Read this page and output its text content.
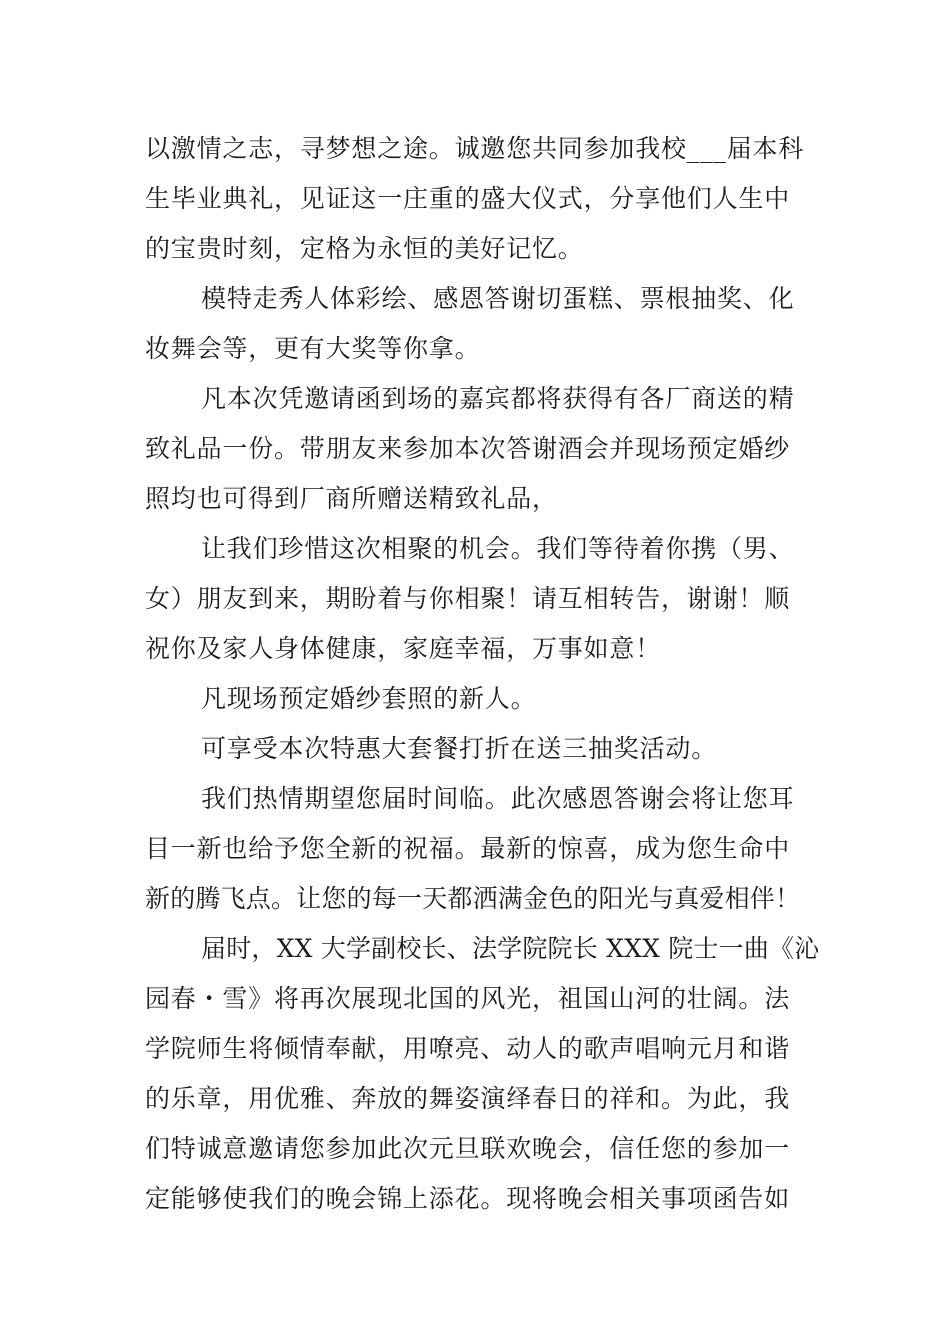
以激情之志，寻梦想之途。诚邀您共同参加我校___届本科
生毕业典礼，见证这一庄重的盛大仪式，分享他们人生中
的宝贵时刻，定格为永恒的美好记忆。
模特走秀人体彩绘、感恩答谢切蛋糕、票根抽奖、化
妆舞会等，更有大奖等你拿。
凡本次凭邀请函到场的嘉宾都将获得有各厂商送的精
致礼品一份。带朋友来参加本次答谢酒会并现场预定婚纱
照均也可得到厂商所赠送精致礼品，
让我们珍惜这次相聚的机会。我们等待着你携（男、
女）朋友到来，期盼着与你相聚！请互相转告，谢谢！顺
祝你及家人身体健康，家庭幸福，万事如意！
凡现场预定婚纱套照的新人。
可享受本次特惠大套餐打折在送三抽奖活动。
我们热情期望您届时间临。此次感恩答谢会将让您耳
目一新也给予您全新的祝福。最新的惊喜，成为您生命中
新的腾飞点。让您的每一天都洒满金色的阳光与真爱相伴！
届时，XX 大学副校长、法学院院长 XXX 院士一曲《沁
园春・雪》将再次展现北国的风光，祖国山河的壮阔。法
学院师生将倾情奉献，用嘹亮、动人的歌声唱响元月和谐
的乐章，用优雅、奔放的舞姿演绎春日的祥和。为此，我
们特诚意邀请您参加此次元旦联欢晚会，信任您的参加一
定能够使我们的晚会锦上添花。现将晚会相关事项函告如
